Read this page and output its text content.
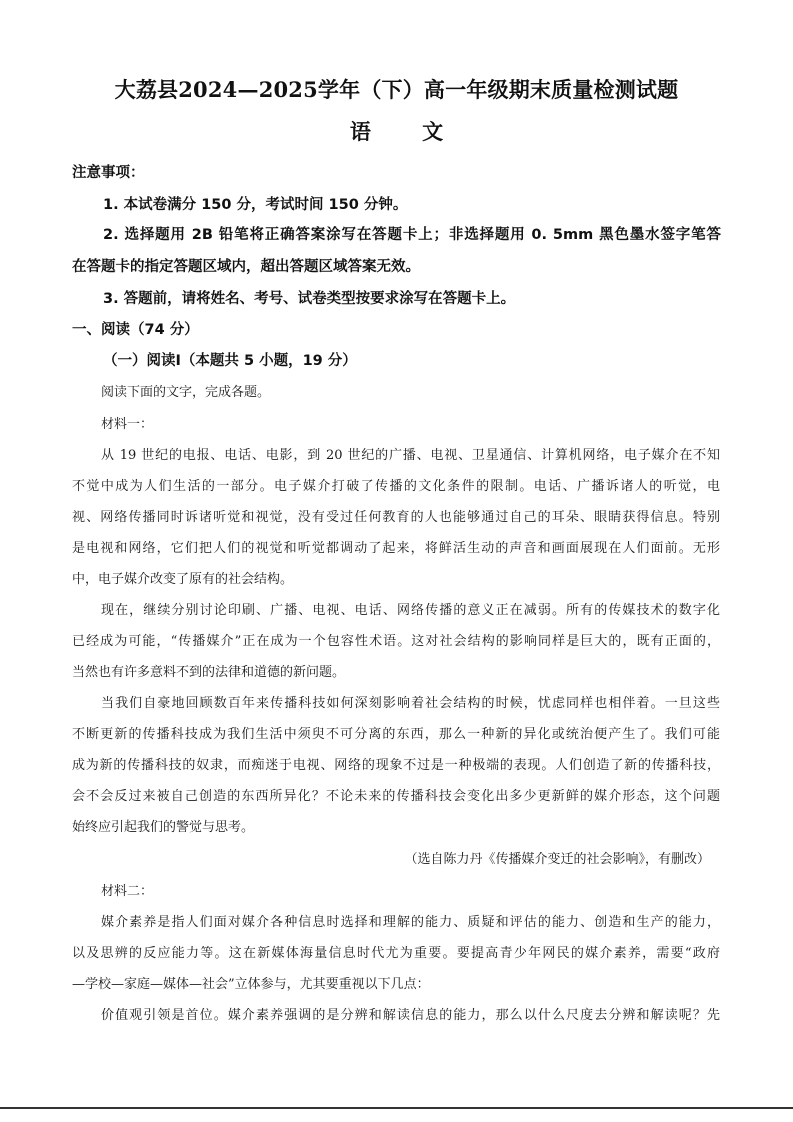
大荔县2024—2025学年（下）高一年级期末质量检测试题
语 文
注意事项：
1. 本试卷满分 150 分，考试时间 150 分钟。
2. 选择题用 2B 铅笔将正确答案涂写在答题卡上；非选择题用 0. 5mm 黑色墨水签字笔答
在答题卡的指定答题区域内，超出答题区域答案无效。
3. 答题前，请将姓名、考号、试卷类型按要求涂写在答题卡上。
一、阅读（74 分）
（一）阅读Ⅰ（本题共 5 小题，19 分）
阅读下面的文字，完成各题。
材料一：
从 19 世纪的电报、电话、电影，到 20 世纪的广播、电视、卫星通信、计算机网络，电子媒介在不知
不觉中成为人们生活的一部分。电子媒介打破了传播的文化条件的限制。电话、广播诉诸人的听觉，电
视、网络传播同时诉诸听觉和视觉，没有受过任何教育的人也能够通过自己的耳朵、眼睛获得信息。特别
是电视和网络，它们把人们的视觉和听觉都调动了起来，将鲜活生动的声音和画面展现在人们面前。无形
中，电子媒介改变了原有的社会结构。
现在，继续分别讨论印刷、广播、电视、电话、网络传播的意义正在减弱。所有的传媒技术的数字化
已经成为可能，“传播媒介”正在成为一个包容性术语。这对社会结构的影响同样是巨大的，既有正面的，
当然也有许多意料不到的法律和道德的新问题。
当我们自豪地回顾数百年来传播科技如何深刻影响着社会结构的时候，忧虑同样也相伴着。一旦这些
不断更新的传播科技成为我们生活中须臾不可分离的东西，那么一种新的异化或统治便产生了。我们可能
成为新的传播科技的奴隶，而痴迷于电视、网络的现象不过是一种极端的表现。人们创造了新的传播科技，
会不会反过来被自己创造的东西所异化？不论未来的传播科技会变化出多少更新鲜的媒介形态，这个问题
始终应引起我们的警觉与思考。
（选自陈力丹《传播媒介变迁的社会影响》，有删改）
材料二：
媒介素养是指人们面对媒介各种信息时选择和理解的能力、质疑和评估的能力、创造和生产的能力，
以及思辨的反应能力等。这在新媒体海量信息时代尤为重要。要提高青少年网民的媒介素养，需要“政府
—学校—家庭—媒体—社会”立体参与，尤其要重视以下几点：
价值观引领是首位。媒介素养强调的是分辨和解读信息的能力，那么以什么尺度去分辨和解读呢？先
